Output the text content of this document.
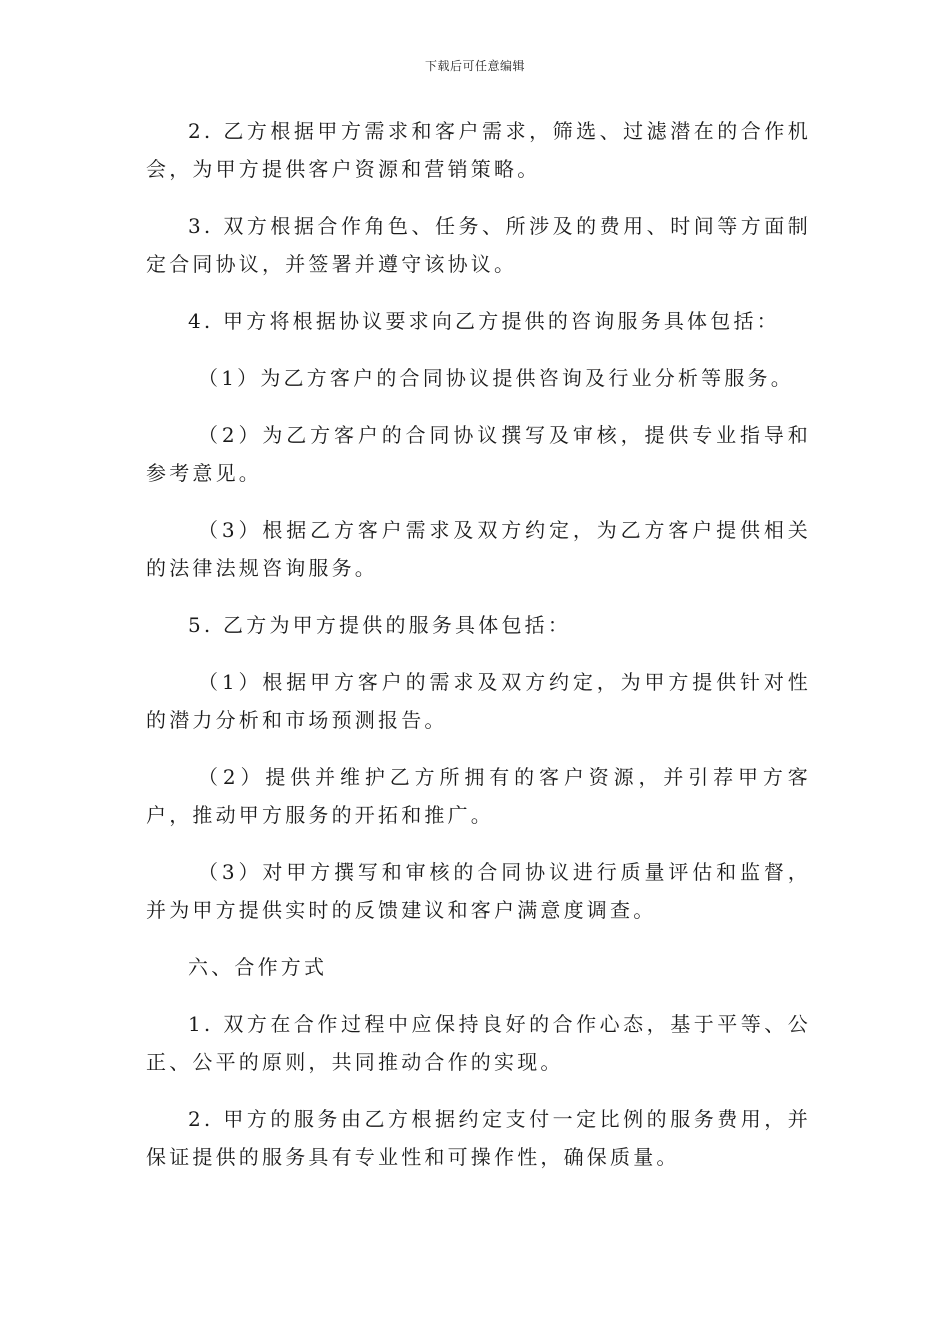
下载后可任意编辑

2. 乙方根据甲方需求和客户需求，筛选、过滤潜在的合作机会，为甲方提供客户资源和营销策略。

3. 双方根据合作角色、任务、所涉及的费用、时间等方面制定合同协议，并签署并遵守该协议。

4. 甲方将根据协议要求向乙方提供的咨询服务具体包括：

（1）为乙方客户的合同协议提供咨询及行业分析等服务。

（2）为乙方客户的合同协议撰写及审核，提供专业指导和参考意见。

（3）根据乙方客户需求及双方约定，为乙方客户提供相关的法律法规咨询服务。

5. 乙方为甲方提供的服务具体包括：

（1）根据甲方客户的需求及双方约定，为甲方提供针对性的潜力分析和市场预测报告。

（2）提供并维护乙方所拥有的客户资源，并引荐甲方客户，推动甲方服务的开拓和推广。

（3）对甲方撰写和审核的合同协议进行质量评估和监督，并为甲方提供实时的反馈建议和客户满意度调查。

六、合作方式

1. 双方在合作过程中应保持良好的合作心态，基于平等、公正、公平的原则，共同推动合作的实现。

2. 甲方的服务由乙方根据约定支付一定比例的服务费用，并保证提供的服务具有专业性和可操作性，确保质量。
